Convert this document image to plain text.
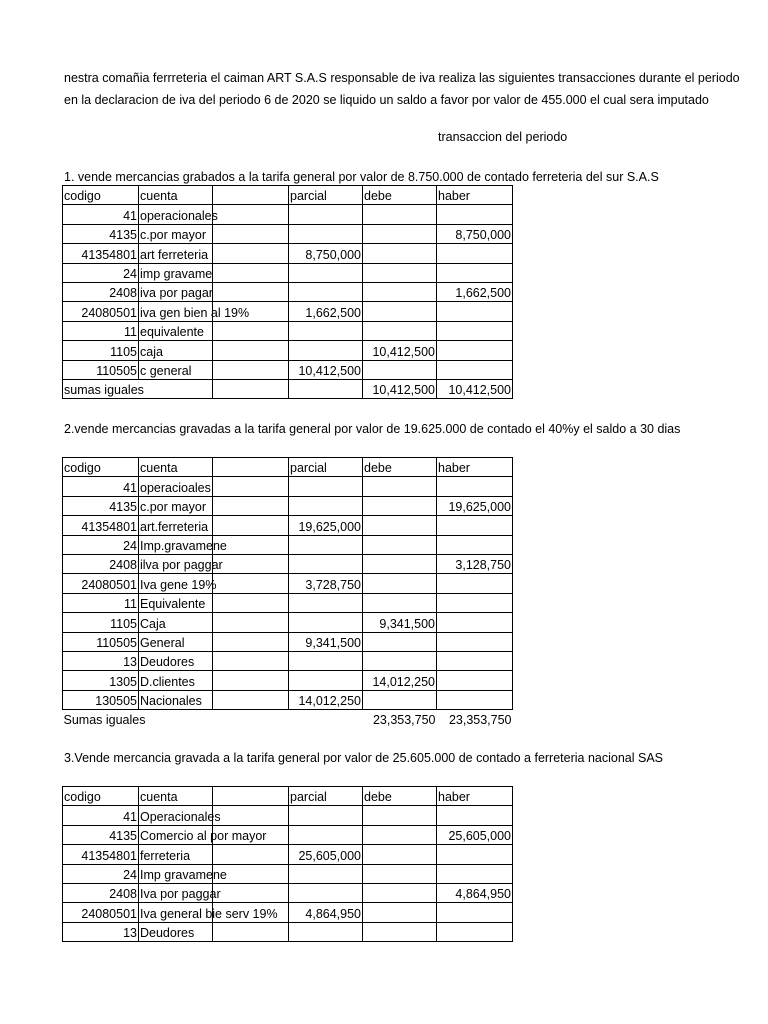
nestra comañia ferrreteria el caiman ART S.A.S responsable de iva realiza las siguientes transacciones durante el periodo
en la declaracion de iva del periodo 6 de 2020 se liquido un saldo a favor por valor de 455.000 el cual sera imputado
transaccion del periodo
1. vende mercancias grabados a la tarifa general por valor de 8.750.000 de contado ferreteria del sur S.A.S
codigo	cuenta		parcial	debe	haber
41	operacionales				
4135	c.por mayor				8,750,000
41354801	art ferreteria		8,750,000		
24	imp gravame				
2408	iva por pagar				1,662,500
24080501	iva gen bien al 19%		1,662,500		
11	equivalente				
1105	caja			10,412,500	
110505	c general		10,412,500		
sumas iguales				10,412,500	10,412,500
2.vende mercancias gravadas a la tarifa general por valor de 19.625.000 de contado el 40%y el saldo a 30 dias
codigo	cuenta		parcial	debe	haber
41	operacioales				
4135	c.por mayor				19,625,000
41354801	art.ferreteria		19,625,000		
24	Imp.gravamene				
2408	ilva por paggar				3,128,750
24080501	Iva gene 19%		3,728,750		
11	Equivalente				
1105	Caja			9,341,500	
110505	General		9,341,500		
13	Deudores				
1305	D.clientes			14,012,250	
130505	Nacionales		14,012,250		
Sumas iguales				23,353,750	23,353,750
3.Vende mercancia gravada a la tarifa general por valor de 25.605.000 de contado a ferreteria nacional SAS
codigo	cuenta		parcial	debe	haber
41	Operacionales				
4135	Comercio al por mayor				25,605,000
41354801	ferreteria		25,605,000		
24	Imp gravamene				
2408	Iva por paggar				4,864,950
24080501	Iva general bie serv 19%		4,864,950		
13	Deudores				
